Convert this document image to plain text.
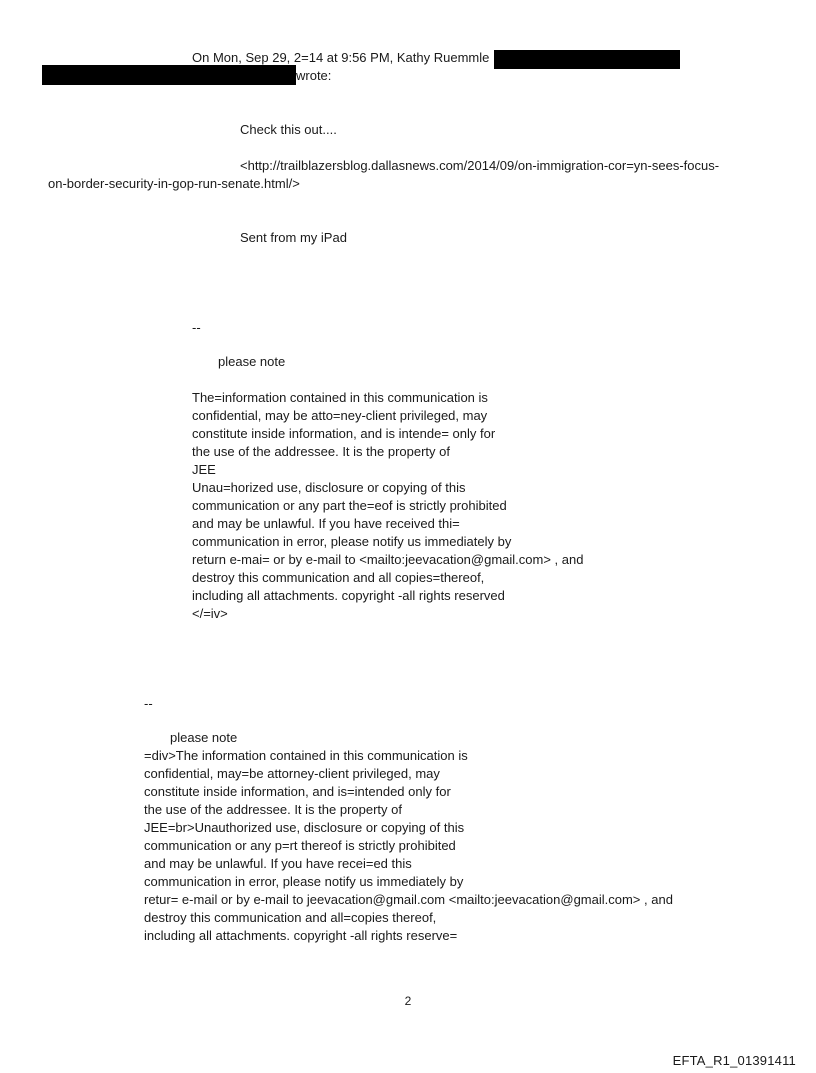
On Mon, Sep 29, 2=14 at 9:56 PM, Kathy Ruemmle
wrote:
Check this out....
<http://trailblazersblog.dallasnews.com/2014/09/on-immigration-cor=yn-sees-focus-
on-border-security-in-gop-run-senate.html/>
Sent from my iPad
--
please note
The=information contained in this communication is
confidential, may be atto=ney-client privileged, may
constitute inside information, and is intende= only for
the use of the addressee. It is the property of
JEE
Unau=horized use, disclosure or copying of this
communication or any part the=eof is strictly prohibited
and may be unlawful. If you have received thi=
communication in error, please notify us immediately by
return e-mai= or by e-mail to <mailto:jeevacation@gmail.com> , and
destroy this communication and all copies=thereof,
including all attachments. copyright -all rights reserved
</=iv>
--
please note
=div>The information contained in this communication is
confidential, may=be attorney-client privileged, may
constitute inside information, and is=intended only for
the use of the addressee. It is the property of
JEE=br>Unauthorized use, disclosure or copying of this
communication or any p=rt thereof is strictly prohibited
and may be unlawful. If you have recei=ed this
communication in error, please notify us immediately by
retur= e-mail or by e-mail to jeevacation@gmail.com <mailto:jeevacation@gmail.com> , and
destroy this communication and all=copies thereof,
including all attachments. copyright -all rights reserve=
2
EFTA_R1_01391411
